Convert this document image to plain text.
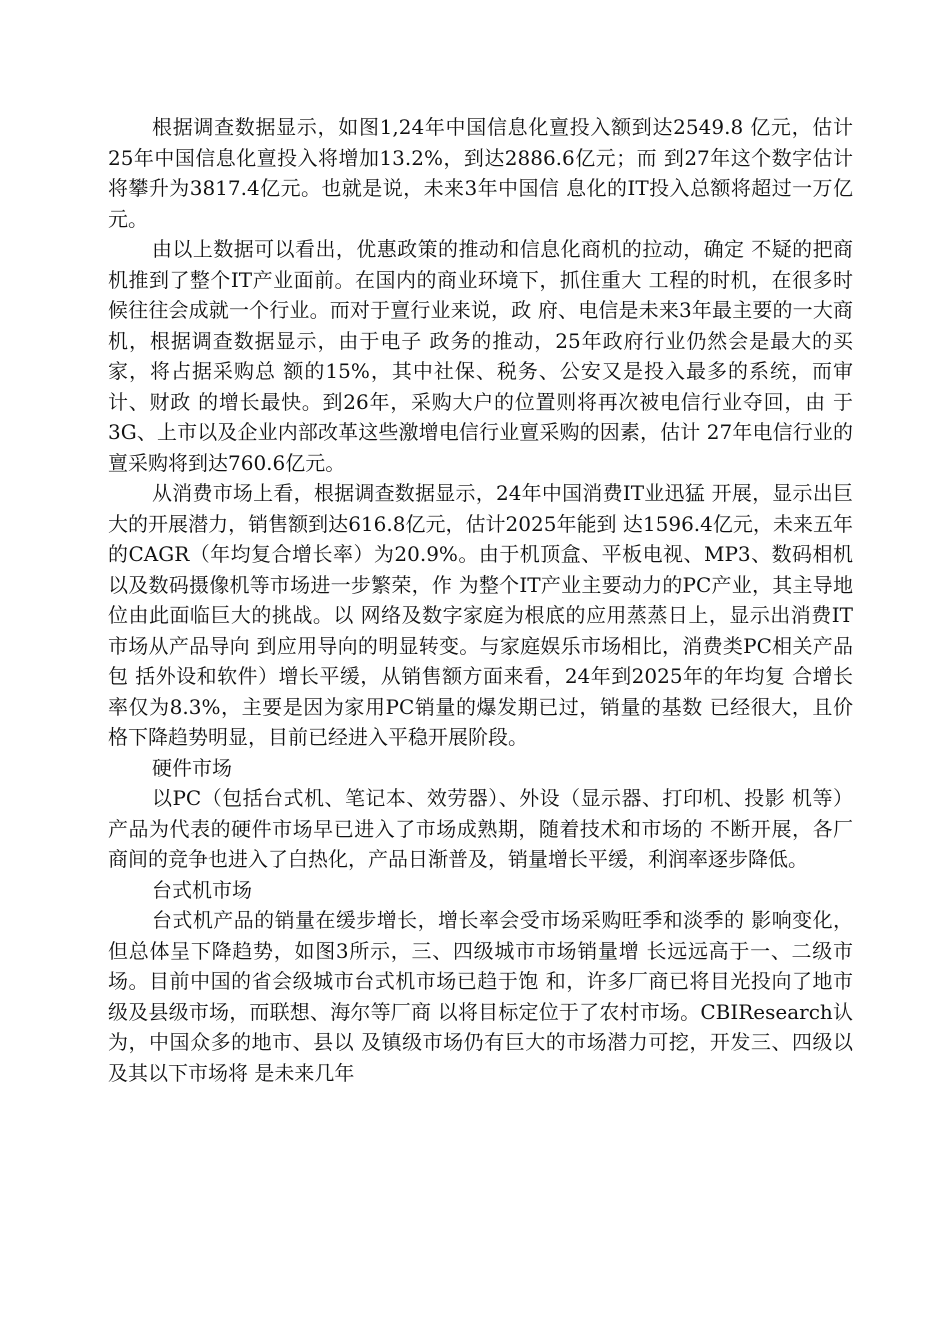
根据调查数据显示，如图1,24年中国信息化亶投入额到达2549.8 亿元，估计25年中国信息化亶投入将增加13.2%，到达2886.6亿元；而 到27年这个数字估计将攀升为3817.4亿元。也就是说，未来3年中国信 息化的IT投入总额将超过一万亿元。

由以上数据可以看出，优惠政策的推动和信息化商机的拉动，确定 不疑的把商机推到了整个IT产业面前。在国内的商业环境下，抓住重大 工程的时机，在很多时候往往会成就一个行业。而对于亶行业来说，政 府、电信是未来3年最主要的一大商机，根据调查数据显示，由于电子 政务的推动，25年政府行业仍然会是最大的买家，将占据采购总 额的15%，其中社保、税务、公安又是投入最多的系统，而审计、财政 的增长最快。到26年，采购大户的位置则将再次被电信行业夺回，由 于3G、上市以及企业内部改革这些激增电信行业亶采购的因素，估计 27年电信行业的亶采购将到达760.6亿元。

从消费市场上看，根据调查数据显示，24年中国消费IT业迅猛 开展，显示出巨大的开展潜力，销售额到达616.8亿元，估计2025年能到 达1596.4亿元，未来五年的CAGR（年均复合增长率）为20.9%。由于机顶盒、平板电视、MP3、数码相机以及数码摄像机等市场进一步繁荣，作 为整个IT产业主要动力的PC产业，其主导地位由此面临巨大的挑战。以 网络及数字家庭为根底的应用蒸蒸日上，显示出消费IT市场从产品导向 到应用导向的明显转变。与家庭娱乐市场相比，消费类PC相关产品包 括外设和软件）增长平缓，从销售额方面来看，24年到2025年的年均复 合增长率仅为8.3%，主要是因为家用PC销量的爆发期已过，销量的基数 已经很大，且价格下降趋势明显，目前已经进入平稳开展阶段。

硬件市场

以PC（包括台式机、笔记本、效劳器）、外设（显示器、打印机、投影 机等）产品为代表的硬件市场早已进入了市场成熟期，随着技术和市场的 不断开展，各厂商间的竞争也进入了白热化，产品日渐普及，销量增长平缓，利润率逐步降低。

台式机市场

台式机产品的销量在缓步增长，增长率会受市场采购旺季和淡季的 影响变化，但总体呈下降趋势，如图3所示，三、四级城市市场销量增 长远远高于一、二级市场。目前中国的省会级城市台式机市场已趋于饱 和，许多厂商已将目光投向了地市级及县级市场，而联想、海尔等厂商 以将目标定位于了农村市场。CBIResearch认为，中国众多的地市、县以 及镇级市场仍有巨大的市场潜力可挖，开发三、四级以及其以下市场将 是未来几年
